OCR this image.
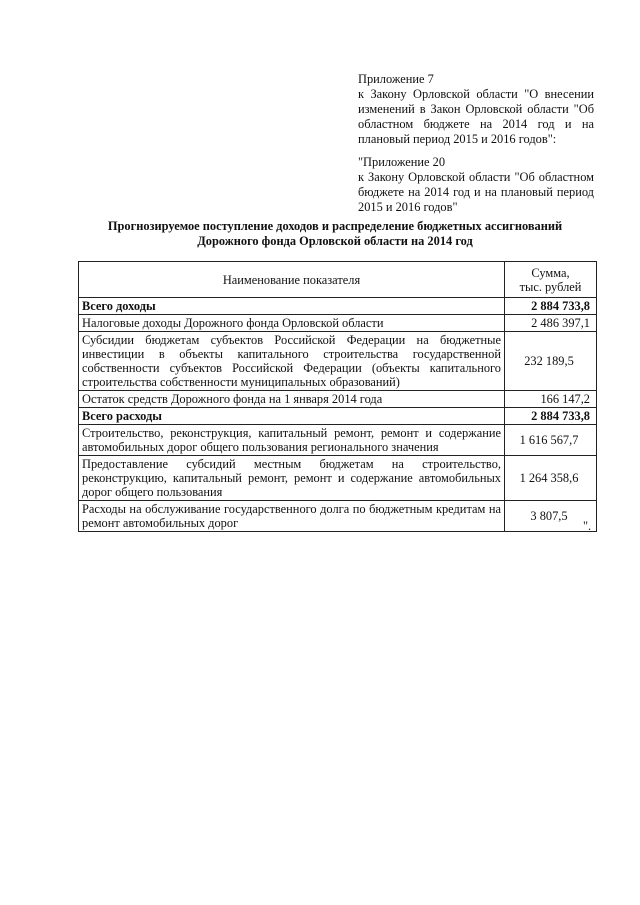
Приложение 7

к Закону Орловской области "О внесении изменений в Закон Орловской области "Об областном бюджете на 2014 год и на плановый период 2015 и 2016 годов":

"Приложение 20

к Закону Орловской области "Об областном бюджете на 2014 год и на плановый период 2015 и 2016 годов"

Прогнозируемое поступление доходов и распределение бюджетных ассигнований
Дорожного фонда Орловской области на 2014 год
Наименование показателя	Сумма,
тыс. рублей

Всего доходы	2 884 733,8
Налоговые доходы Дорожного фонда Орловской области	2 486 397,1
Субсидии бюджетам субъектов Российской Федерации на бюджетные инвестиции в объекты капитального строительства государственной собственности субъектов Российской Федерации (объекты капитального строительства собственности муниципальных образований)	232 189,5
Остаток средств Дорожного фонда на 1 января 2014 года	166 147,2
Всего расходы	2 884 733,8
Строительство, реконструкция, капитальный ремонт, ремонт и содержание автомобильных дорог общего пользования регионального значения	1 616 567,7
Предоставление субсидий местным бюджетам на строительство, реконструкцию, капитальный ремонт, ремонт и содержание автомобильных дорог общего пользования	1 264 358,6
Расходы на обслуживание государственного долга по бюджетным кредитам на ремонт автомобильных дорог	3 807,5
".
